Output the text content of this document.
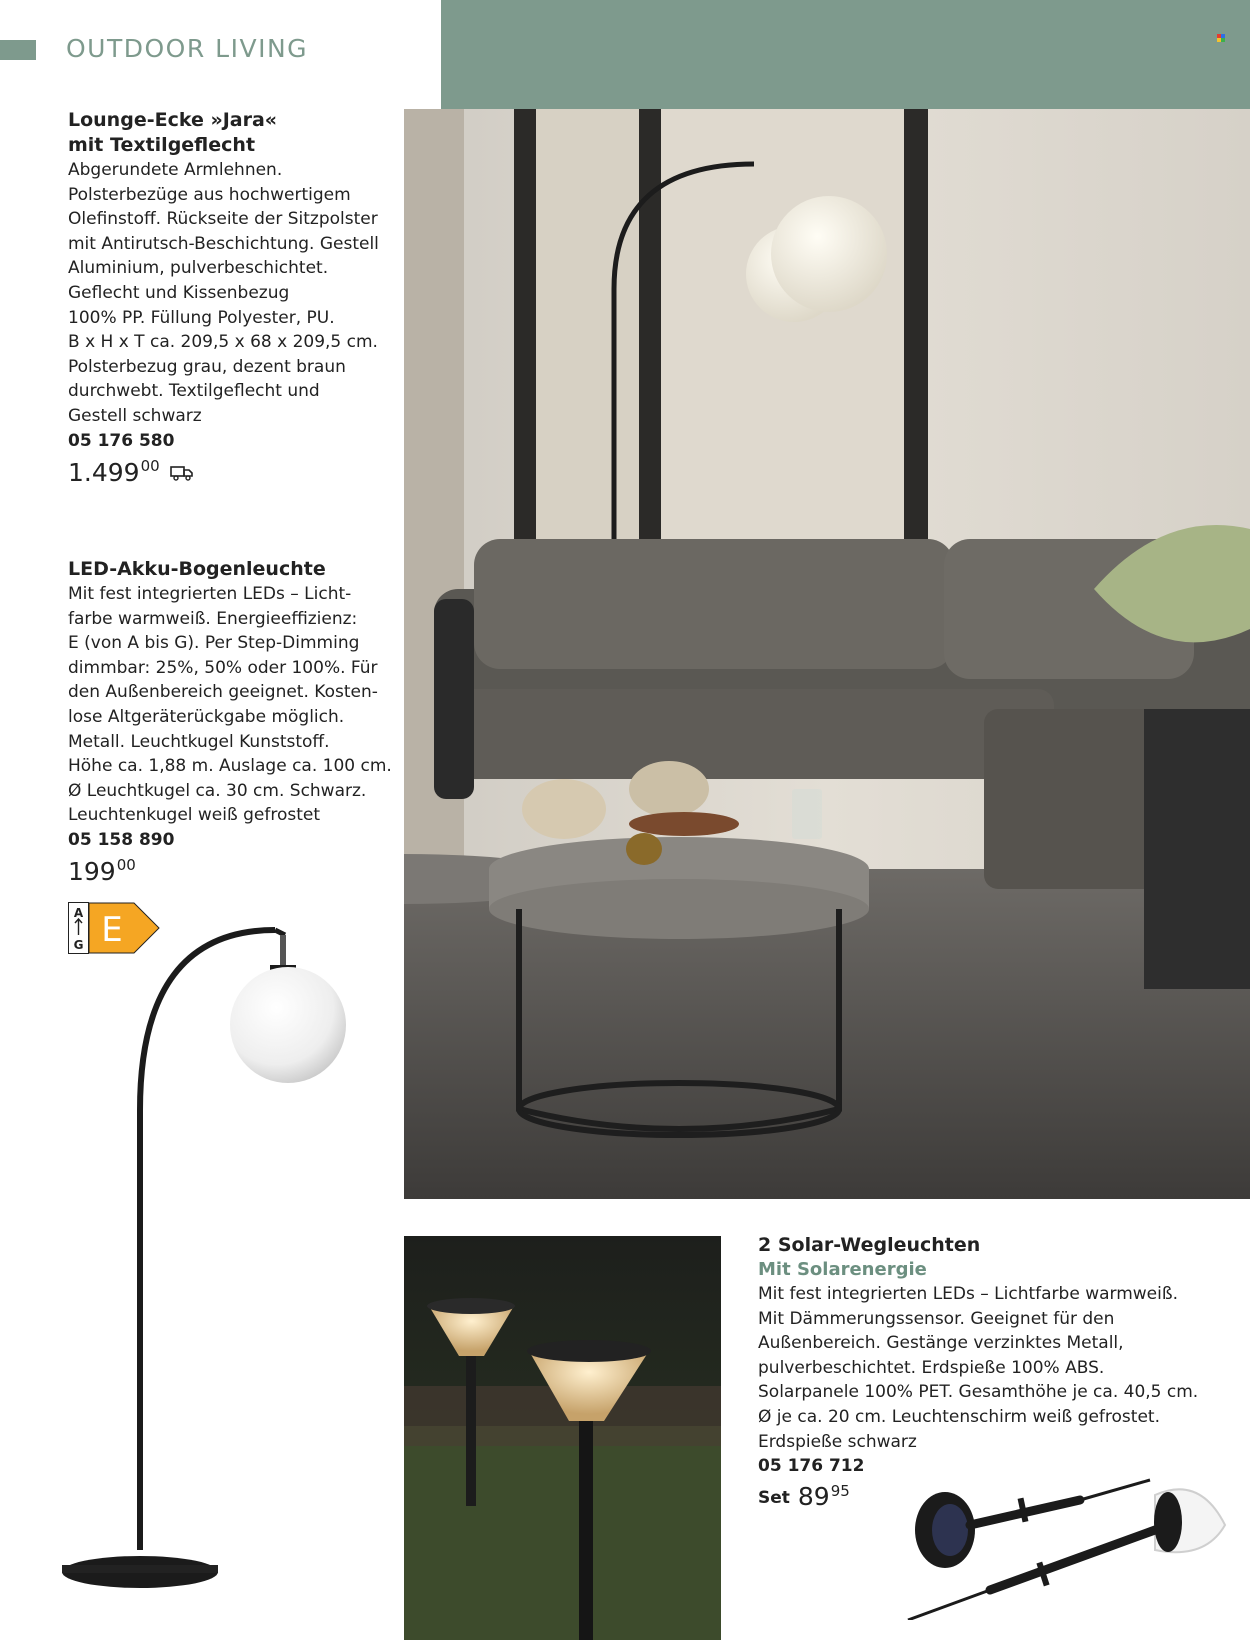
OUTDOOR LIVING
Lounge-Ecke »Jara«
mit Textilgeflecht
Abgerundete Armlehnen.
Polsterbezüge aus hochwertigem
Olefinstoff. Rückseite der Sitzpolster
mit Antirutsch-Beschichtung. Gestell
Aluminium, pulverbeschichtet.
Geflecht und Kissenbezug
100% PP. Füllung Polyester, PU.
B x H x T ca. 209,5 x 68 x 209,5 cm.
Polsterbezug grau, dezent braun
durchwebt. Textilgeflecht und
Gestell schwarz
05 176 580
1.499 00
LED-Akku-Bogenleuchte
Mit fest integrierten LEDs – Licht-
farbe warmweiß. Energieeffizienz:
E (von A bis G). Per Step-Dimming
dimmbar: 25%, 50% oder 100%. Für
den Außenbereich geeignet. Kosten-
lose Altgeräterückgabe möglich.
Metall. Leuchtkugel Kunststoff.
Höhe ca. 1,88 m. Auslage ca. 100 cm.
Ø Leuchtkugel ca. 30 cm. Schwarz.
Leuchtenkugel weiß gefrostet
05 158 890
199 00
A
G E
2 Solar-Wegleuchten
Mit Solarenergie
Mit fest integrierten LEDs – Lichtfarbe warmweiß.
Mit Dämmerungssensor. Geeignet für den
Außenbereich. Gestänge verzinktes Metall,
pulverbeschichtet. Erdspieße 100% ABS.
Solarpanele 100% PET. Gesamthöhe je ca. 40,5 cm.
Ø je ca. 20 cm. Leuchtenschirm weiß gefrostet.
Erdspieße schwarz
05 176 712
Set 89 95
